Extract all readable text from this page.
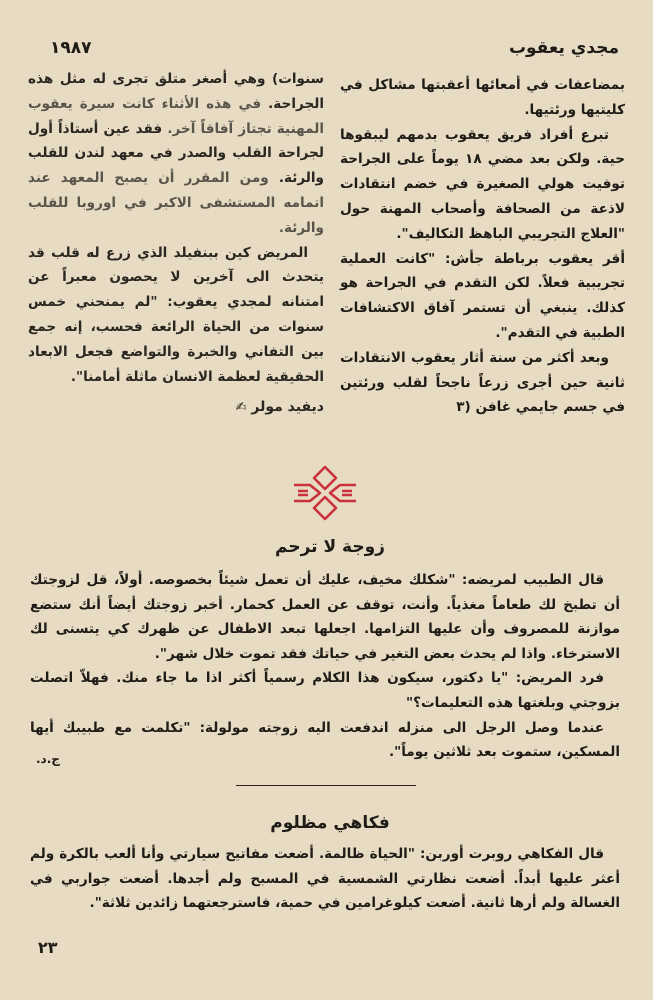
١٩٨٧	مجدي يعقوب

بمضاعفات في أمعائها أعقبتها مشاكل في كليتيها ورئتيها.

تبرع أفراد فريق يعقوب بدمهم ليبقوها حية. ولكن بعد مضي ١٨ يوماً على الجراحة توفيت هولي الصغيرة في خضم انتقادات لاذعة من الصحافة وأصحاب المهنة حول "العلاج التجريبي الباهظ التكاليف".

أقر يعقوب برباطة جأش: "كانت العملية تجريبية فعلاً. لكن التقدم في الجراحة هو كذلك. ينبغي أن تستمر آفاق الاكتشافات الطبية في التقدم".

وبعد أكثر من سنة أثار يعقوب الانتقادات ثانية حين أجرى زرعاً ناجحاً لقلب ورئتين في جسم جايمي غافن (٣

سنوات) وهي أصغر متلق تجرى له مثل هذه الجراحة. في هذه الأثناء كانت سيرة يعقوب المهنية تجتاز آفاقاً آخر. فقد عين أستاذاً أول لجراحة القلب والصدر في معهد لندن للقلب والرئة. ومن المقرر أن يصبح المعهد عند اتمامه المستشفى الاكبر في اوروبا للقلب والرئة.

المريض كين ببنفيلد الذي زرع له قلب قد يتحدث الى آخرين لا يحصون معبراً عن امتنانه لمجدي يعقوب: "لم يمنحني خمس سنوات من الحياة الرائعة فحسب، إنه جمع بين التفاني والخبرة والتواضع فجعل الابعاد الحقيقية لعظمة الانسان ماثلة أمامنا".

ديفيد مولر ✍
زوجة لا ترحم

قال الطبيب لمريضه: "شكلك مخيف، عليك أن تعمل شيئاً بخصوصه. أولاً، قل لزوجتك أن تطبخ لك طعاماً مغذياً. وأنت، توقف عن العمل كحمار. أخبر زوجتك أيضاً أنك ستضع موازنة للمصروف وأن عليها التزامها. اجعلها تبعد الاطفال عن ظهرك كي يتسنى لك الاسترخاء. واذا لم يحدث بعض التغير في حياتك فقد تموت خلال شهر".

فرد المريض: "يا دكتور، سيكون هذا الكلام رسمياً أكثر اذا ما جاء منك. فهلاّ اتصلت بزوجتي وبلغتها هذه التعليمات؟"

عندما وصل الرجل الى منزله اندفعت اليه زوجته مولولة: "تكلمت مع طبيبك أيها المسكين، ستموت بعد ثلاثين يوماً".

ج.د.
فكاهي مظلوم

قال الفكاهي روبرت أوربن: "الحياة ظالمة. أضعت مفاتيح سيارتي وأنا ألعب بالكرة ولم أعثر عليها أبداً. أضعت نظارتي الشمسية في المسبح ولم أجدها. أضعت جواربي في الغسالة ولم أرها ثانية. أضعت كيلوغرامين في حمية، فاسترجعتهما زائدين ثلاثة".

٢٣
